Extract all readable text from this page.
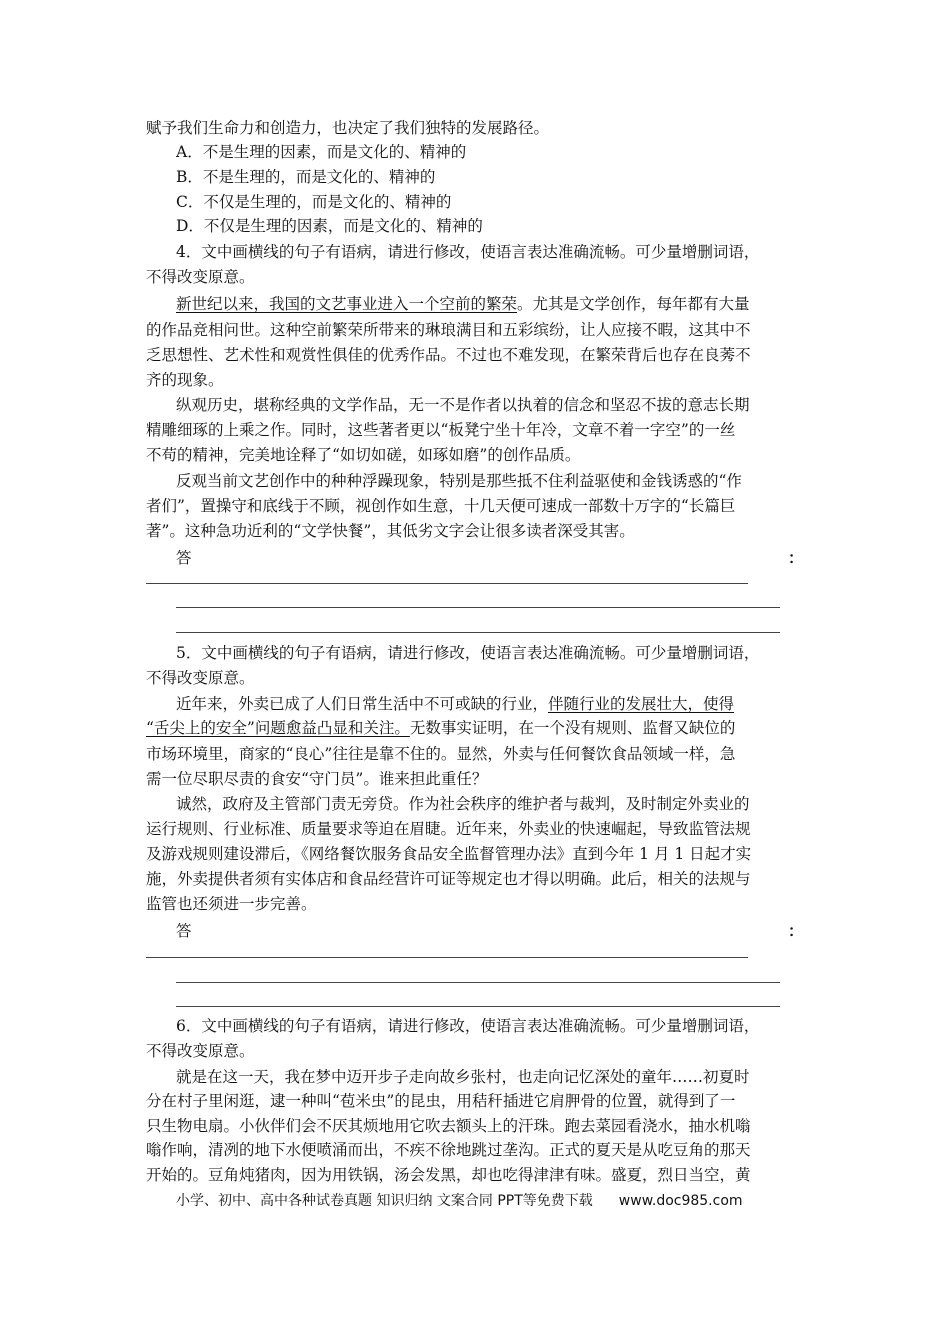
赋予我们生命力和创造力，也决定了我们独特的发展路径。
A．不是生理的因素，而是文化的、精神的
B．不是生理的，而是文化的、精神的
C．不仅是生理的，而是文化的、精神的
D．不仅是生理的因素，而是文化的、精神的
4．文中画横线的句子有语病，请进行修改，使语言表达准确流畅。可少量增删词语，
不得改变原意。
新世纪以来，我国的文艺事业进入一个空前的繁荣。尤其是文学创作，每年都有大量
的作品竞相问世。这种空前繁荣所带来的琳琅满目和五彩缤纷，让人应接不暇，这其中不
乏思想性、艺术性和观赏性俱佳的优秀作品。不过也不难发现，在繁荣背后也存在良莠不
齐的现象。
纵观历史，堪称经典的文学作品，无一不是作者以执着的信念和坚忍不拔的意志长期
精雕细琢的上乘之作。同时，这些著者更以“板凳宁坐十年冷，文章不着一字空”的一丝
不苟的精神，完美地诠释了“如切如磋，如琢如磨”的创作品质。
反观当前文艺创作中的种种浮躁现象，特别是那些抵不住利益驱使和金钱诱惑的“作
者们”，置操守和底线于不顾，视创作如生意，十几天便可速成一部数十万字的“长篇巨
著”。这种急功近利的“文学快餐”，其低劣文字会让很多读者深受其害。
答	：
5．文中画横线的句子有语病，请进行修改，使语言表达准确流畅。可少量增删词语，
不得改变原意。
近年来，外卖已成了人们日常生活中不可或缺的行业，伴随行业的发展壮大，使得
“舌尖上的安全”问题愈益凸显和关注。无数事实证明，在一个没有规则、监督又缺位的
市场环境里，商家的“良心”往往是靠不住的。显然，外卖与任何餐饮食品领域一样，急
需一位尽职尽责的食安“守门员”。谁来担此重任？
诚然，政府及主管部门责无旁贷。作为社会秩序的维护者与裁判，及时制定外卖业的
运行规则、行业标准、质量要求等迫在眉睫。近年来，外卖业的快速崛起，导致监管法规
及游戏规则建设滞后，《网络餐饮服务食品安全监督管理办法》直到今年 1 月 1 日起才实
施，外卖提供者须有实体店和食品经营许可证等规定也才得以明确。此后，相关的法规与
监管也还须进一步完善。
答	：
6．文中画横线的句子有语病，请进行修改，使语言表达准确流畅。可少量增删词语，
不得改变原意。
就是在这一天，我在梦中迈开步子走向故乡张村，也走向记忆深处的童年……初夏时
分在村子里闲逛，逮一种叫“苞米虫”的昆虫，用秸秆插进它肩胛骨的位置，就得到了一
只生物电扇。小伙伴们会不厌其烦地用它吹去额头上的汗珠。跑去菜园看浇水，抽水机嗡
嗡作响，清冽的地下水便喷涌而出，不疾不徐地跳过垄沟。正式的夏天是从吃豆角的那天
开始的。豆角炖猪肉，因为用铁锅，汤会发黑，却也吃得津津有味。盛夏，烈日当空，黄
小学、初中、高中各种试卷真题 知识归纳 文案合同 PPT等免费下载 www.doc985.com
